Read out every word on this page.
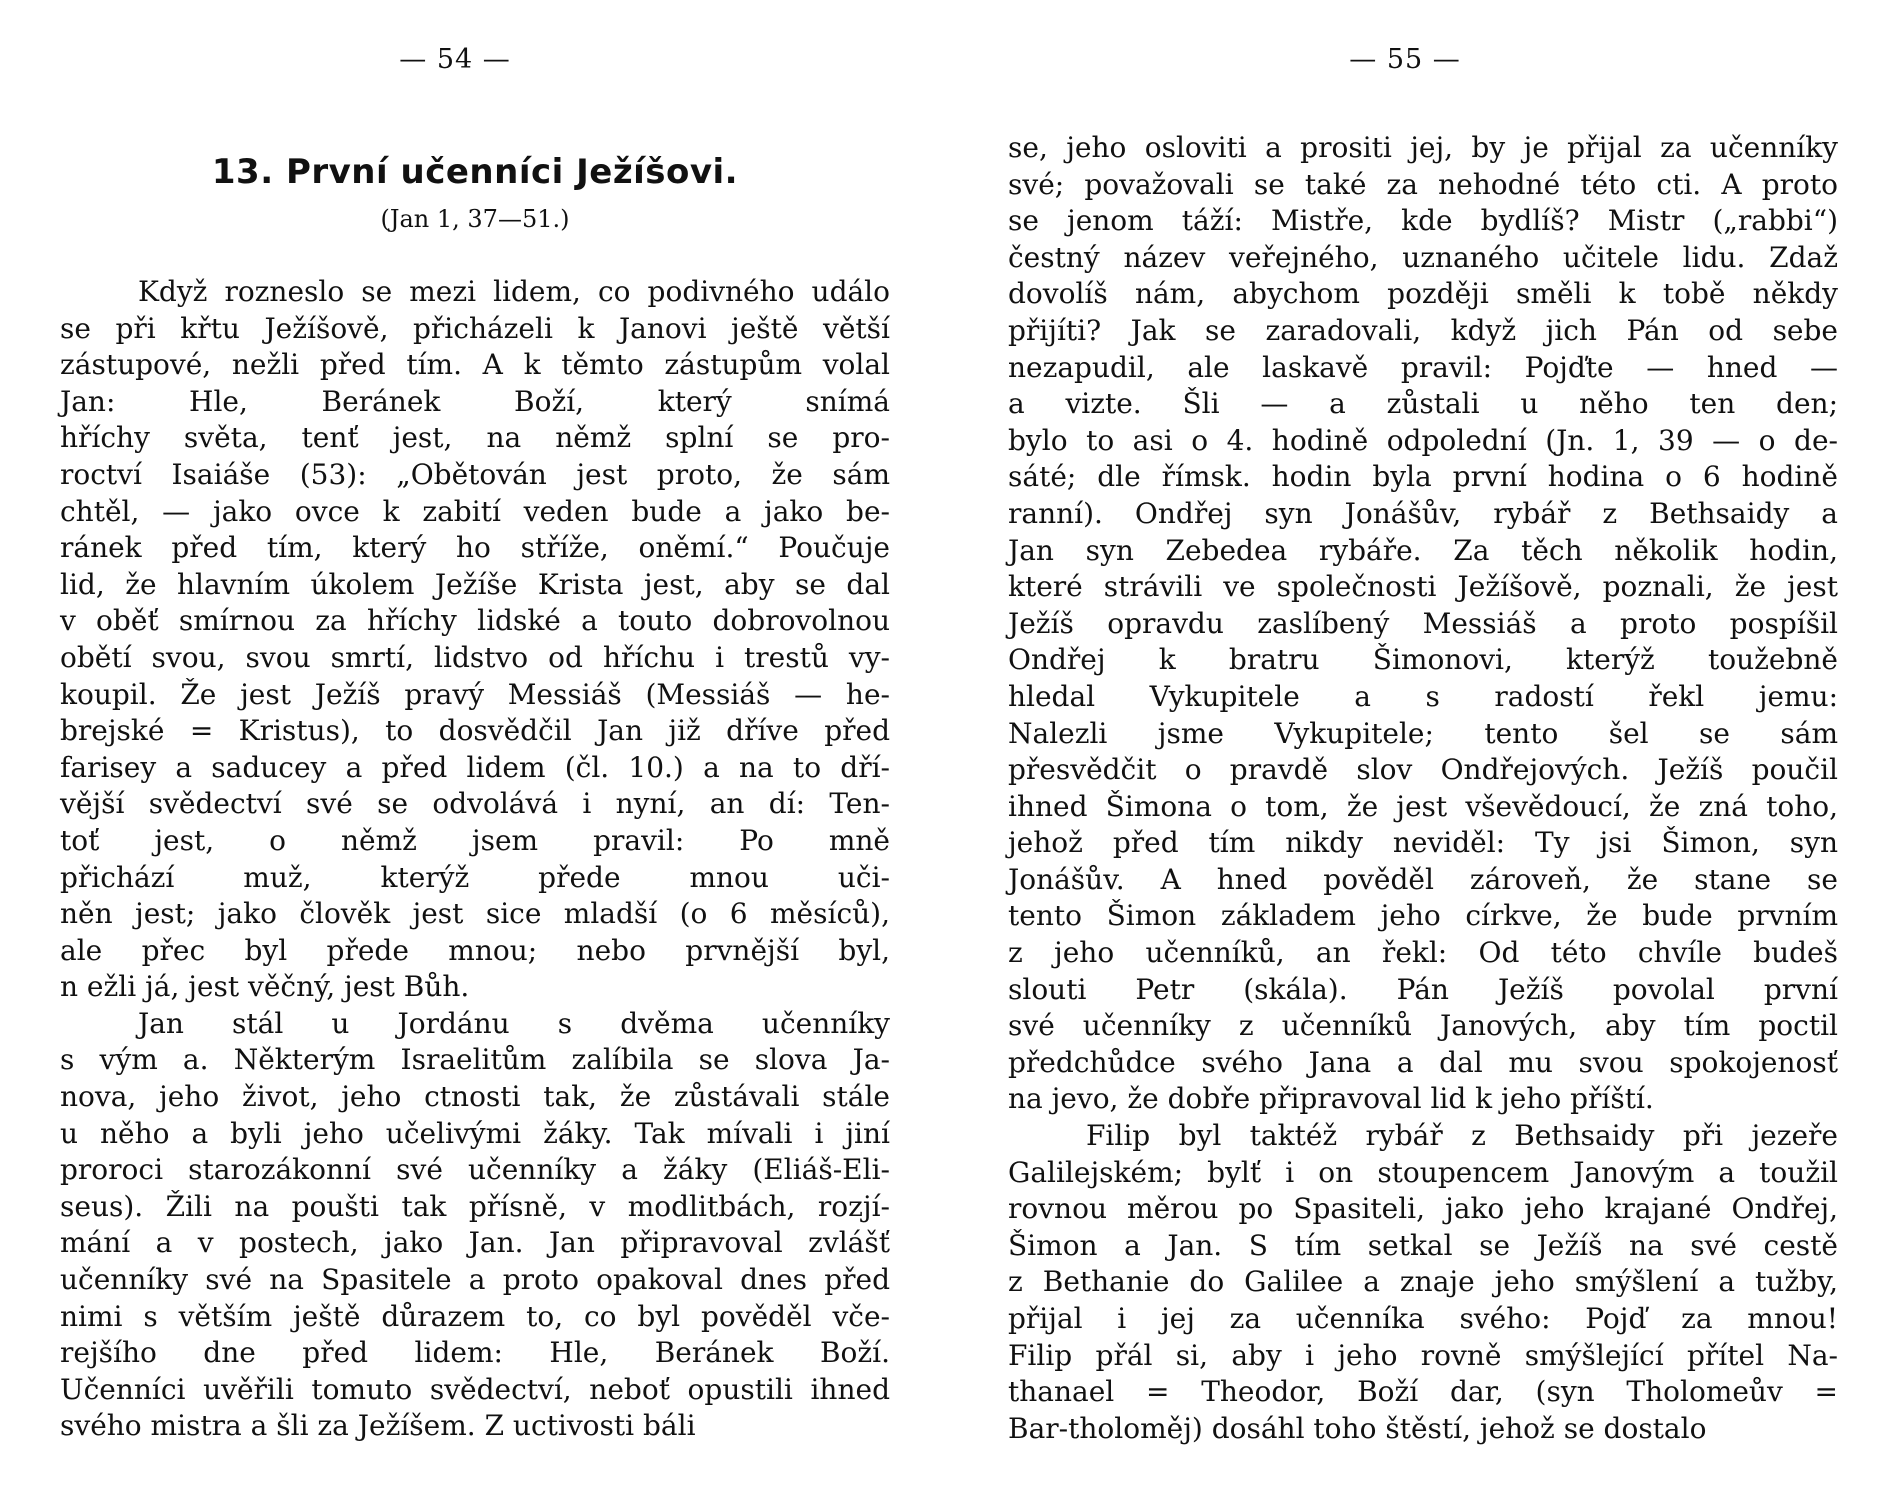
— 54 —
13. První učenníci Ježíšovi.
(Jan 1, 37—51.)
Když rozneslo se mezi lidem, co podivného událo
se při křtu Ježíšově, přicházeli k Janovi ještě větší
zástupové, nežli před tím. A k těmto zástupům volal
Jan: Hle, Beránek Boží, který snímá
hříchy světa, tenť jest, na němž splní se pro-
roctví Isaiáše (53): „Obětován jest proto, že sám
chtěl, — jako ovce k zabití veden bude a jako be-
ránek před tím, který ho stříže, oněmí.“ Poučuje
lid, že hlavním úkolem Ježíše Krista jest, aby se dal
v oběť smírnou za hříchy lidské a touto dobrovolnou
obětí svou, svou smrtí, lidstvo od hříchu i trestů vy-
koupil. Že jest Ježíš pravý Messiáš (Messiáš — he-
brejské = Kristus), to dosvědčil Jan již dříve před
farisey a saducey a před lidem (čl. 10.) a na to dří-
vější svědectví své se odvolává i nyní, an dí: Ten-
toť jest, o němž jsem pravil: Po mně
přichází muž, kterýž přede mnou uči-
něn jest; jako člověk jest sice mladší (o 6 měsíců),
ale přec byl přede mnou; nebo prvnější byl,
n ežli já, jest věčný, jest Bůh.
Jan stál u Jordánu s dvěma učenníky
s vým a. Některým Israelitům zalíbila se slova Ja-
nova, jeho život, jeho ctnosti tak, že zůstávali stále
u něho a byli jeho učelivými žáky. Tak mívali i jiní
proroci starozákonní své učenníky a žáky (Eliáš-Eli-
seus). Žili na poušti tak přísně, v modlitbách, rozjí-
mání a v postech, jako Jan. Jan připravoval zvlášť
učenníky své na Spasitele a proto opakoval dnes před
nimi s větším ještě důrazem to, co byl pověděl vče-
rejšího dne před lidem: Hle, Beránek Boží.
Učenníci uvěřili tomuto svědectví, neboť opustili ihned
svého mistra a šli za Ježíšem. Z uctivosti báli
— 55 —
se, jeho osloviti a prositi jej, by je přijal za učenníky
své; považovali se také za nehodné této cti. A proto
se jenom táží: Mistře, kde bydlíš? Mistr („rabbi“)
čestný název veřejného, uznaného učitele lidu. Zdaž
dovolíš nám, abychom později směli k tobě někdy
přijíti? Jak se zaradovali, když jich Pán od sebe
nezapudil, ale laskavě pravil: Pojďte — hned —
a vizte. Šli — a zůstali u něho ten den;
bylo to asi o 4. hodině odpolední (Jn. 1, 39 — o de-
sáté; dle římsk. hodin byla první hodina o 6 hodině
ranní). Ondřej syn Jonášův, rybář z Bethsaidy a
Jan syn Zebedea rybáře. Za těch několik hodin,
které strávili ve společnosti Ježíšově, poznali, že jest
Ježíš opravdu zaslíbený Messiáš a proto pospíšil
Ondřej k bratru Šimonovi, kterýž toužebně
hledal Vykupitele a s radostí řekl jemu:
Nalezli jsme Vykupitele; tento šel se sám
přesvědčit o pravdě slov Ondřejových. Ježíš poučil
ihned Šimona o tom, že jest vševědoucí, že zná toho,
jehož před tím nikdy neviděl: Ty jsi Šimon, syn
Jonášův. A hned pověděl zároveň, že stane se
tento Šimon základem jeho církve, že bude prvním
z jeho učenníků, an řekl: Od této chvíle budeš
slouti Petr (skála). Pán Ježíš povolal první
své učenníky z učenníků Janových, aby tím poctil
předchůdce svého Jana a dal mu svou spokojenosť
na jevo, že dobře připravoval lid k jeho příští.
Filip byl taktéž rybář z Bethsaidy při jezeře
Galilejském; bylť i on stoupencem Janovým a toužil
rovnou měrou po Spasiteli, jako jeho krajané Ondřej,
Šimon a Jan. S tím setkal se Ježíš na své cestě
z Bethanie do Galilee a znaje jeho smýšlení a tužby,
přijal i jej za učenníka svého: Pojď za mnou!
Filip přál si, aby i jeho rovně smýšlející přítel Na-
thanael = Theodor, Boží dar, (syn Tholomeův =
Bar-tholoměj) dosáhl toho štěstí, jehož se dostalo
